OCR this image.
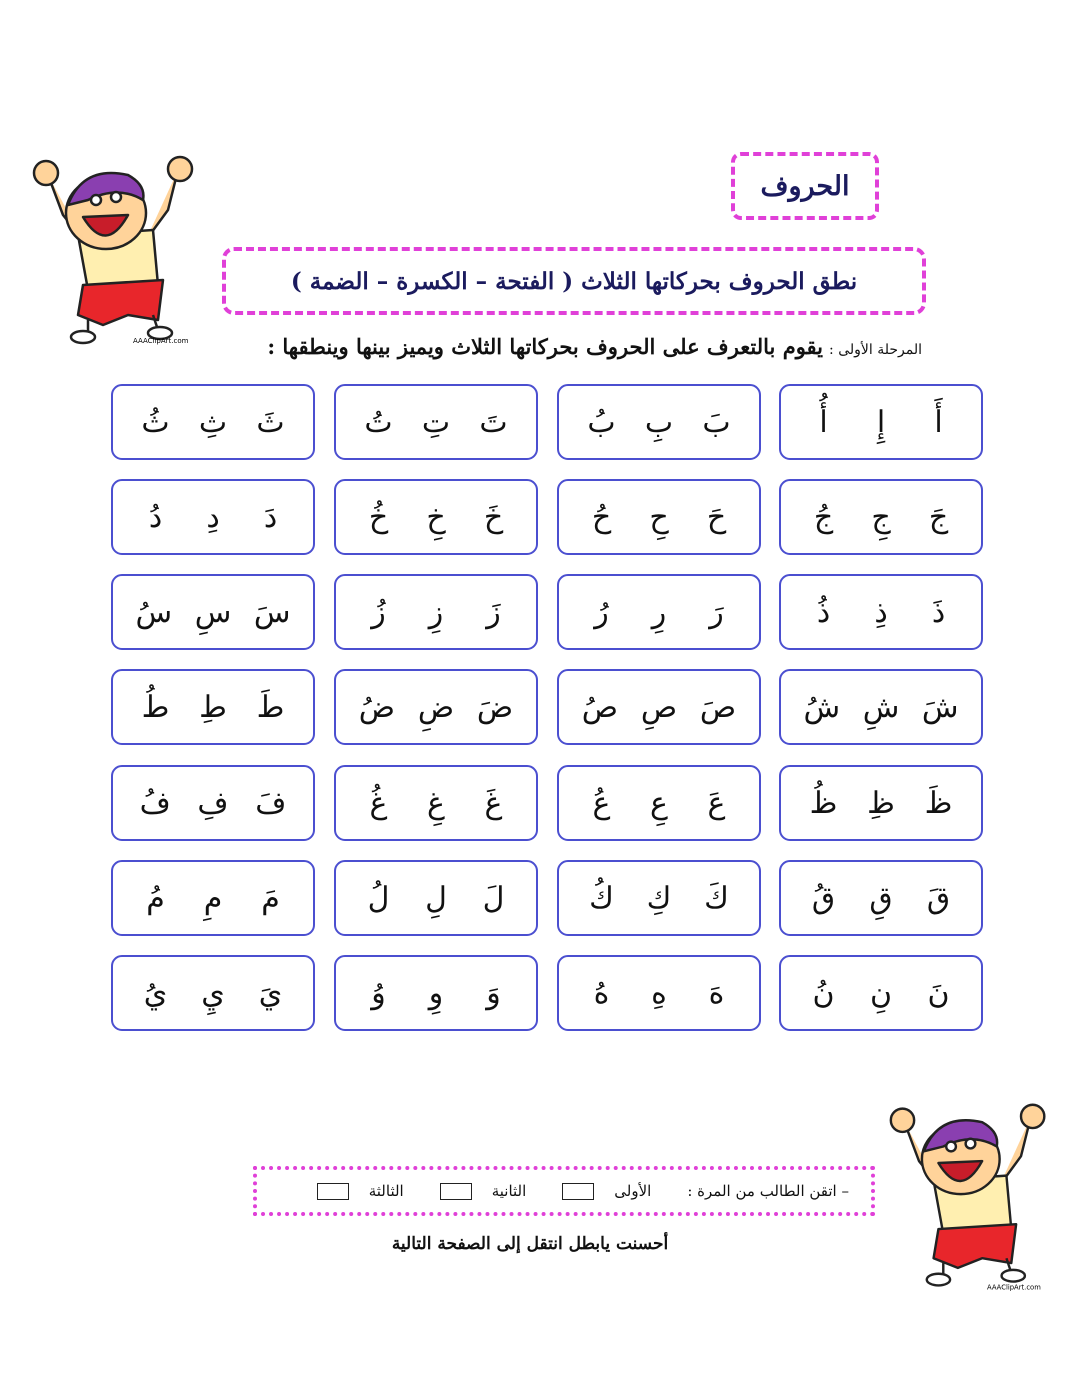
AAAClipArt.com
AAAClipArt.com
الحروف
نطق الحروف بحركاتها الثلاث ( الفتحة – الكسرة – الضمة )
المرحلة الأولى :
يقوم بالتعرف على الحروف بحركاتها الثلاث ويميز بينها وينطقها :
أَ
إِ
أُ
بَ
بِ
بُ
تَ
تِ
تُ
ثَ
ثِ
ثُ
جَ
جِ
جُ
حَ
حِ
حُ
خَ
خِ
خُ
دَ
دِ
دُ
ذَ
ذِ
ذُ
رَ
رِ
رُ
زَ
زِ
زُ
سَ
سِ
سُ
شَ
شِ
شُ
صَ
صِ
صُ
ضَ
ضِ
ضُ
طَ
طِ
طُ
ظَ
ظِ
ظُ
عَ
عِ
عُ
غَ
غِ
غُ
فَ
فِ
فُ
قَ
قِ
قُ
كَ
كِ
كُ
لَ
لِ
لُ
مَ
مِ
مُ
نَ
نِ
نُ
هَ
هِ
هُ
وَ
وِ
وُ
يَ
يِ
يُ
– اتقن الطالب من المرة :
الأولى
الثانية
الثالثة
أحسنت يابطل انتقل إلى الصفحة التالية
